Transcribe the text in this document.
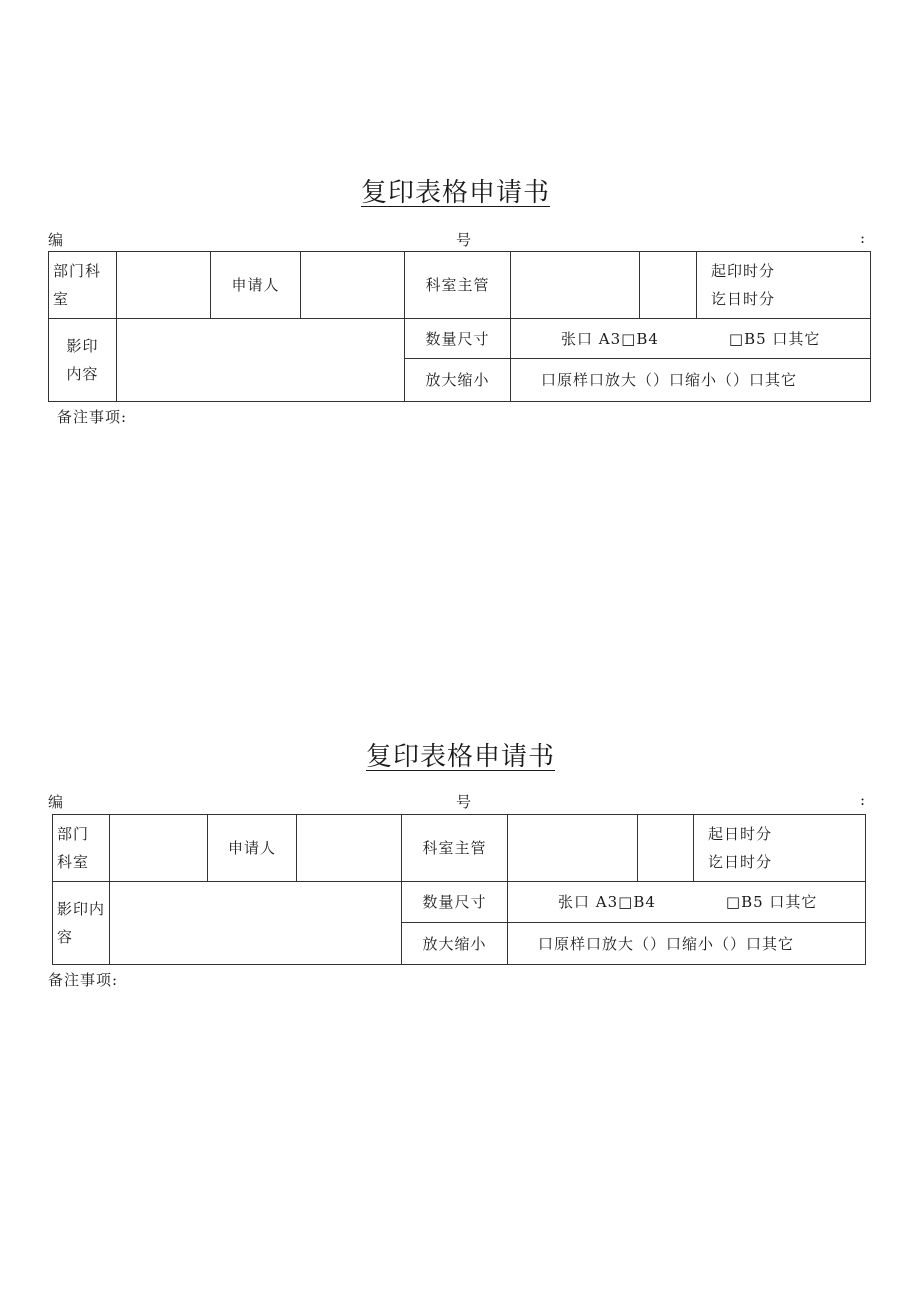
复印表格申请书
编	号	:
部门科
室		申请人		科室主管			起印时分
讫日时分

影印
内容				数量尺寸	张口 A3□B4 □B5 口其它		
				放大缩小	口原样口放大（）口缩小（）口其它		
备注事项:
复印表格申请书
编	号	:
部门
科室		申请人		科室主管			起日时分
讫日时分

影印内
容				数量尺寸	张口 A3□B4 □B5 口其它		
				放大缩小	口原样口放大（）口缩小（）口其它		
备注事项:
